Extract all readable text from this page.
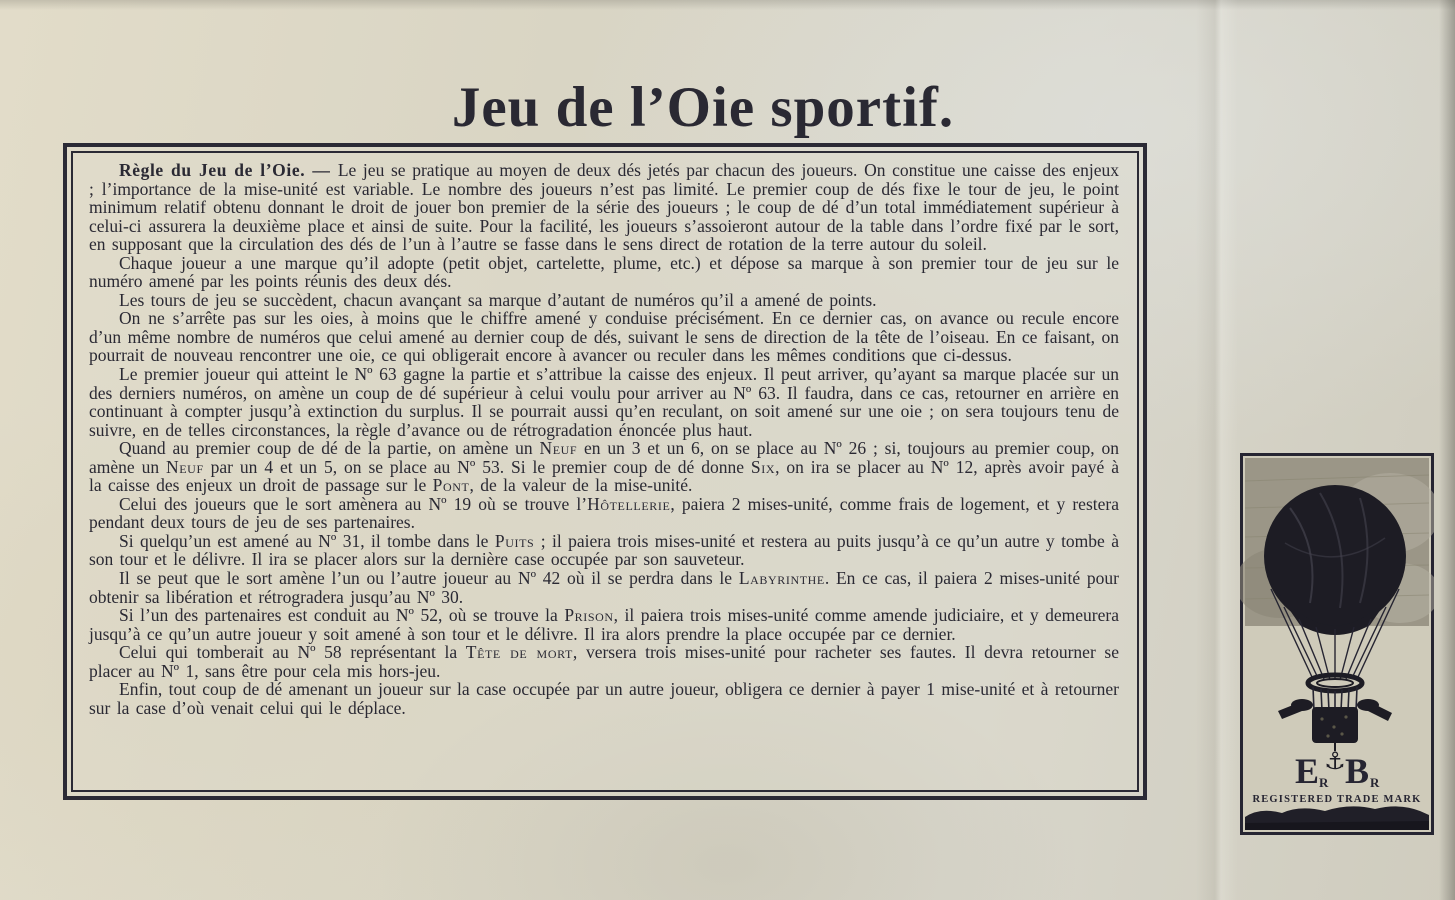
Jeu de l’Oie sportif.

Règle du Jeu de l’Oie. — Le jeu se pratique au moyen de deux dés jetés par chacun des joueurs. On constitue une caisse des enjeux ; l’importance de la mise-unité est variable. Le nombre des joueurs n’est pas limité. Le premier coup de dés fixe le tour de jeu, le point minimum relatif obtenu donnant le droit de jouer bon premier de la série des joueurs ; le coup de dé d’un total immédiatement supérieur à celui-ci assurera la deuxième place et ainsi de suite. Pour la facilité, les joueurs s’assoieront autour de la table dans l’ordre fixé par le sort, en supposant que la circulation des dés de l’un à l’autre se fasse dans le sens direct de rotation de la terre autour du soleil.

Chaque joueur a une marque qu’il adopte (petit objet, cartelette, plume, etc.) et dépose sa marque à son premier tour de jeu sur le numéro amené par les points réunis des deux dés.

Les tours de jeu se succèdent, chacun avançant sa marque d’autant de numéros qu’il a amené de points.

On ne s’arrête pas sur les oies, à moins que le chiffre amené y conduise précisément. En ce dernier cas, on avance ou recule encore d’un même nombre de numéros que celui amené au dernier coup de dés, suivant le sens de direction de la tête de l’oiseau. En ce faisant, on pourrait de nouveau rencontrer une oie, ce qui obligerait encore à avancer ou reculer dans les mêmes conditions que ci-dessus.

Le premier joueur qui atteint le Nº 63 gagne la partie et s’attribue la caisse des enjeux. Il peut arriver, qu’ayant sa marque placée sur un des derniers numéros, on amène un coup de dé supérieur à celui voulu pour arriver au Nº 63. Il faudra, dans ce cas, retourner en arrière en continuant à compter jusqu’à extinction du surplus. Il se pourrait aussi qu’en reculant, on soit amené sur une oie ; on sera toujours tenu de suivre, en de telles circonstances, la règle d’avance ou de rétrogradation énoncée plus haut.

Quand au premier coup de dé de la partie, on amène un Neuf en un 3 et un 6, on se place au Nº 26 ; si, toujours au premier coup, on amène un Neuf par un 4 et un 5, on se place au Nº 53. Si le premier coup de dé donne Six, on ira se placer au Nº 12, après avoir payé à la caisse des enjeux un droit de passage sur le Pont, de la valeur de la mise-unité.

Celui des joueurs que le sort amènera au Nº 19 où se trouve l’Hôtellerie, paiera 2 mises-unité, comme frais de logement, et y restera pendant deux tours de jeu de ses partenaires.

Si quelqu’un est amené au Nº 31, il tombe dans le Puits ; il paiera trois mises-unité et restera au puits jusqu’à ce qu’un autre y tombe à son tour et le délivre. Il ira se placer alors sur la dernière case occupée par son sauveteur.

Il se peut que le sort amène l’un ou l’autre joueur au Nº 42 où il se perdra dans le Labyrinthe. En ce cas, il paiera 2 mises-unité pour obtenir sa libération et rétrogradera jusqu’au Nº 30.

Si l’un des partenaires est conduit au Nº 52, où se trouve la Prison, il paiera trois mises-unité comme amende judiciaire, et y demeurera jusqu’à ce qu’un autre joueur y soit amené à son tour et le délivre. Il ira alors prendre la place occupée par ce dernier.

Celui qui tomberait au Nº 58 représentant la Tête de mort, versera trois mises-unité pour racheter ses fautes. Il devra retourner se placer au Nº 1, sans être pour cela mis hors-jeu.

Enfin, tout coup de dé amenant un joueur sur la case occupée par un autre joueur, obligera ce dernier à payer 1 mise-unité et à retourner sur la case d’où venait celui qui le déplace.

⚓
E R B R
REGISTERED TRADE MARK
